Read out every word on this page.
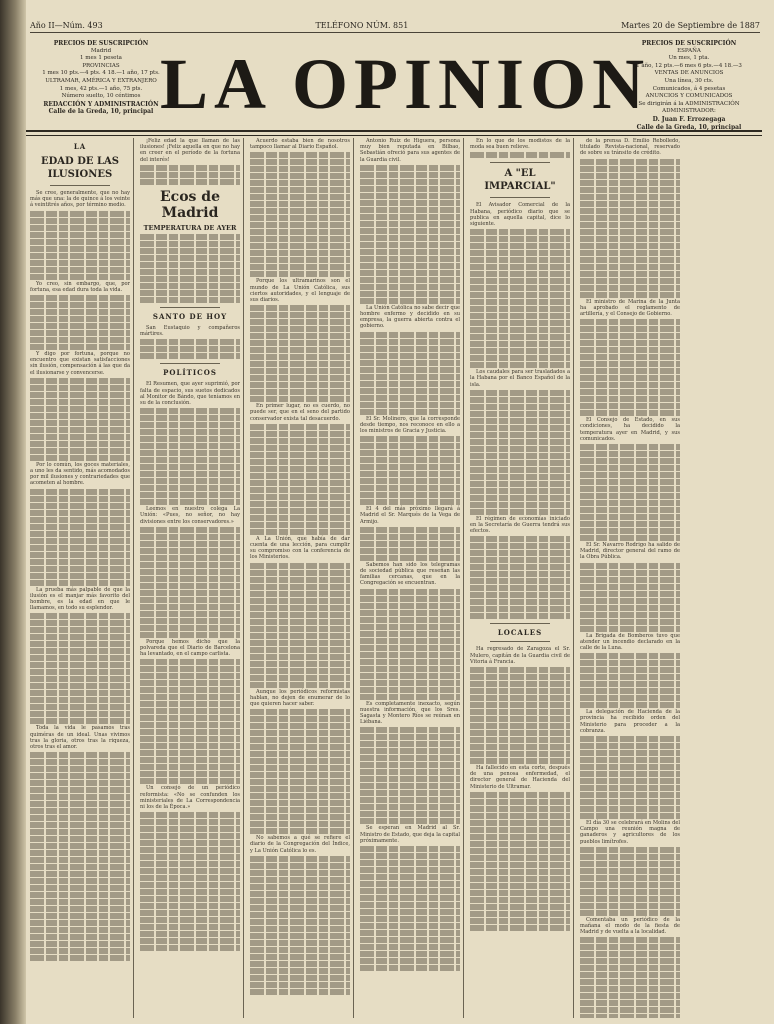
Año II—Núm. 493	TELÉFONO NÚM. 851	Martes 20 de Septiembre de 1887
PRECIOS DE SUSCRIPCIÓN
Madrid
1 mes 1 peseta
PROVINCIAS
1 mes 10 pts.—4 pts. 4 18.—1 año, 17 pts.
ULTRAMAR, AMÉRICA Y EXTRANJERO
1 mes, 42 pts.—1 año, 75 pts.
Número suelto, 10 céntimos
REDACCIÓN Y ADMINISTRACIÓN
Calle de la Greda, 10, principal LA OPINION
PRECIOS DE SUSCRIPCIÓN
ESPAÑA
Un mes, 1 pta.
1 año, 12 pts.—6 mes 6 pts.—4 18.—3
VENTAS DE ANUNCIOS
Una línea, 30 cts.
Comunicados, á 4 pesetas
ANUNCIOS Y COMUNICADOS
Se dirigirán á la ADMINISTRACIÓN
ADMINISTRADOR:
D. Juan F. Errozegaga
Calle de la Greda, 10, principal
LA
EDAD DE LAS ILUSIONES

Se cree, generalmente, que no hay más que una: la de quince á los veinte á veintitrés años, por término medio.

Yo creo, sin embargo, que, por fortuna, esa edad dura toda la vida.

Y digo por fortuna, porque no encuentro que existan satisfacciones sin ilusión, compensación á las que da el ilusionarse y convencerse.

Por lo común, los goces materiales, a uno les da sentido, más acomodados por mil ilusiones y contrariedades que acometen al hombre.

La prueba más palpable de que la ilusión es el manjar más favorito del hombre, es la edad en que le llamamos, en todo su esplendor.

Toda la vida le pasamos tras quiméras de un ideal. Unas vivimos tras la gloria, otros tras la riqueza, otros tras el amor.

¡Feliz edad la que llaman de las ilusiones! ¡Feliz aquella en que no hay en creer en el período de la fortuna del interés!

Ecos de Madrid
TEMPERATURA DE AYER
SANTO DE HOY

San Eustaquio y compañeros mártires.

POLÍTICOS

El Resumen, que ayer suprimió, por falta de espacio, sus suetos dedicados al Monitor de Bándo, que teníamos en su de la conclusión.

Leemos en nuestro colega La Unión: «Pues, no señor, no hay divisiones entre los conservadores.»

Porque hemos dicho que la polvareda que el Diario de Barcelona ha levantado, en el campo carlista.

Un consejo de un periódico reformista: «No se confunden los ministeriales de La Correspondencia ni los de la Época.»

Acuerdo estaba bien de nosotros tampoco llamar al Diario Español.

Porque los ultramarinos son el mundo de La Unión Católica, sus ciertos autoridades, y el lenguaje de sus diarios.

En primer lugar, no es cuerdo, no puede ser, que en el seno del partido conservador exista tal desacuerdo.

A La Unión, que había de dar cuenta de una lección, para cumplir su compromiso con la conferencia de los Ministerios.

Aunque los periódicos reformistas hablan, no dejen de enumerar de lo que quieren hacer saber.

No sabemos a qué se refiere el diario de la Congregación del Índice, y La Unión Católica lo es.

Antonio Ruiz de Higuera, persona muy bien reputada en Bilbao, Sebastián ofreció para sus agentes de la Guardia civil.

La Unión Católica no sabe decir que hombre enfermo y decidido en su empresa, la guerra abierta contra el gobierno.

El Sr. Molinero, que la corresponde desde tiempo, nos reconoce en ello a los ministros de Gracia y Justicia.

El 4 del más próximo llegará á Madrid el Sr. Marqués de la Vega de Armijo.

Sabemos han sido los telegramas de sociedad pública que reseñan las familias cercanas, que en la Congregación se encuentran.

Es completamente inexacto, según nuestra información, que los Sres. Sagasta y Montero Ríos se reúnan en Liébana.

Se esperan en Madrid al Sr. Ministro de Estado, que deja la capital próximamente.

En lo que de los modistos de la moda sea buen relieve.

A "EL IMPARCIAL"

El Avisador Comercial de la Habana, periódico diario que se publica en aquella capital, dice lo siguiente.

Los caudales para ser trasladados a la Habana por el Banco Español de la isla.

El régimen de economías iniciado en la Secretaría de Guerra tendrá sus efectos.

LOCALES

Ha regresado de Zaragoza el Sr. Mulero, capitán de la Guardia civil de Vitoria á Francia.

Ha fallecido en esta corte, después de una penosa enfermedad, el director general de Hacienda del Ministerio de Ultramar.

de la prensa D. Emilio Rebolledo, titulado Revista-nacional, reservado de sobre su tránsito de crédito.

El ministro de Marina de la Junta ha aprobado el reglamento de artillería, y el Consejo de Gobierno.

El Consejo de Estado, en sus condiciones, ha decidido la temperatura ayer en Madrid, y sus comunicados.

El Sr. Navarro Rodrigo ha salido de Madrid, director general del ramo de la Obra Pública.

La Brigada de Bomberos tuvo que atender un incendio declarado en la calle de la Luna.

La delegación de Hacienda de la provincia ha recibido orden del Ministerio para proceder a la cobranza.

El día 30 se celebrará en Molins del Campo una reunión magna de ganaderos y agricultores de los pueblos limítrofes.

Comentaba un periódico de la mañana el modo de la fiesta de Madrid y de vuelta a la localidad.
